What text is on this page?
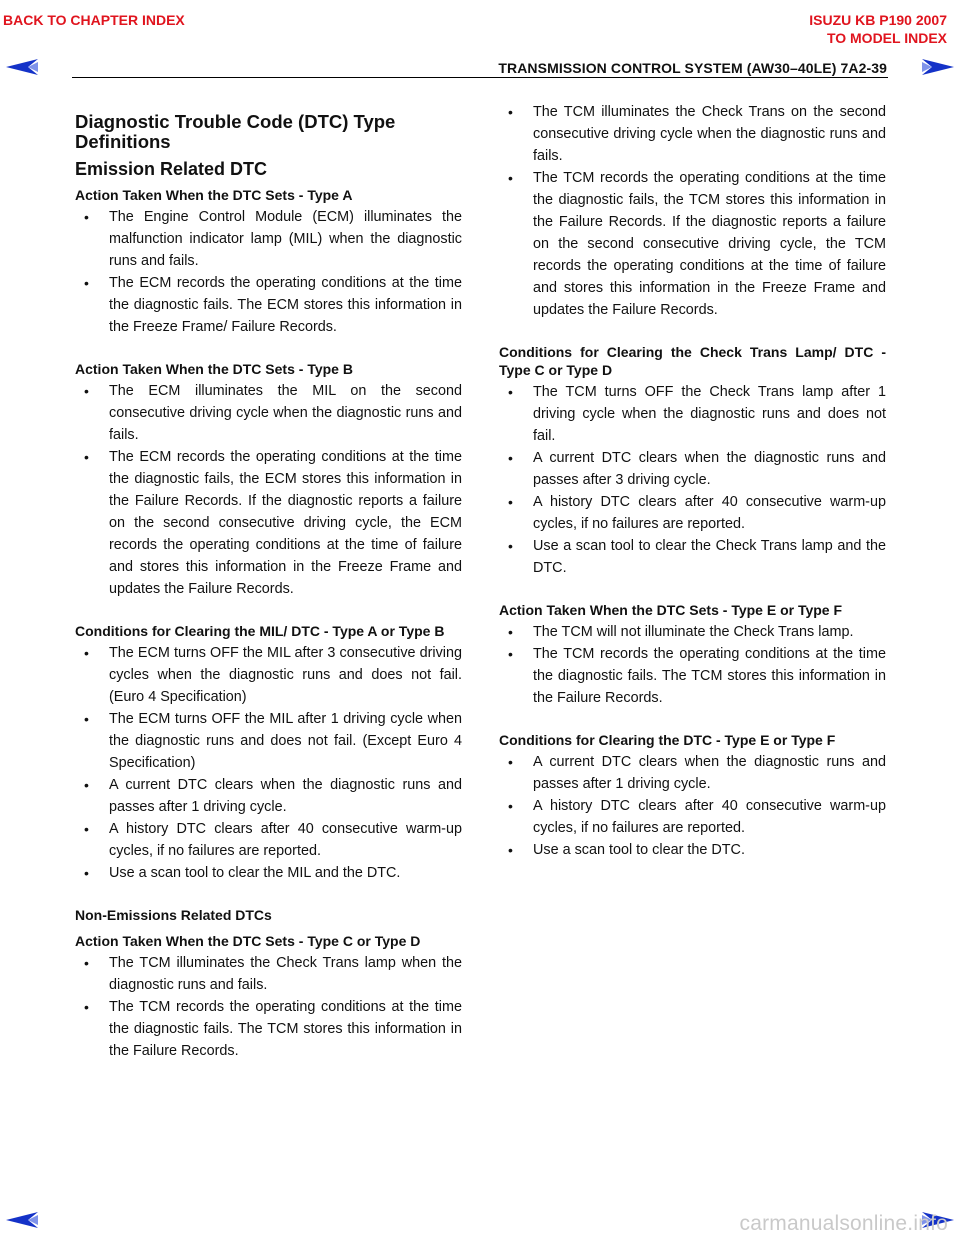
BACK TO CHAPTER INDEX	ISUZU KB P190 2007
TO MODEL INDEX
TRANSMISSION CONTROL SYSTEM (AW30–40LE) 7A2-39
Diagnostic Trouble Code (DTC) Type Definitions
Emission Related DTC

Action Taken When the DTC Sets - Type A

• The Engine Control Module (ECM) illuminates the malfunction indicator lamp (MIL) when the diagnostic runs and fails.
• The ECM records the operating conditions at the time the diagnostic fails. The ECM stores this information in the Freeze Frame/ Failure Records.

Action Taken When the DTC Sets - Type B

• The ECM illuminates the MIL on the second consecutive driving cycle when the diagnostic runs and fails.
• The ECM records the operating conditions at the time the diagnostic fails, the ECM stores this information in the Failure Records. If the diagnostic reports a failure on the second consecutive driving cycle, the ECM records the operating conditions at the time of failure and stores this information in the Freeze Frame and updates the Failure Records.

Conditions for Clearing the MIL/ DTC - Type A or Type B

• The ECM turns OFF the MIL after 3 consecutive driving cycles when the diagnostic runs and does not fail. (Euro 4 Specification)
• The ECM turns OFF the MIL after 1 driving cycle when the diagnostic runs and does not fail. (Except Euro 4 Specification)
• A current DTC clears when the diagnostic runs and passes after 1 driving cycle.
• A history DTC clears after 40 consecutive warm-up cycles, if no failures are reported.
• Use a scan tool to clear the MIL and the DTC.

Non-Emissions Related DTCs

Action Taken When the DTC Sets - Type C or Type D

• The TCM illuminates the Check Trans lamp when the diagnostic runs and fails.
• The TCM records the operating conditions at the time the diagnostic fails. The TCM stores this information in the Failure Records.
• The TCM illuminates the Check Trans on the second consecutive driving cycle when the diagnostic runs and fails.
• The TCM records the operating conditions at the time the diagnostic fails, the TCM stores this information in the Failure Records. If the diagnostic reports a failure on the second consecutive driving cycle, the TCM records the operating conditions at the time of failure and stores this information in the Freeze Frame and updates the Failure Records.

Conditions for Clearing the Check Trans Lamp/ DTC - Type C or Type D

• The TCM turns OFF the Check Trans lamp after 1 driving cycle when the diagnostic runs and does not fail.
• A current DTC clears when the diagnostic runs and passes after 3 driving cycle.
• A history DTC clears after 40 consecutive warm-up cycles, if no failures are reported.
• Use a scan tool to clear the Check Trans lamp and the DTC.

Action Taken When the DTC Sets - Type E or Type F

• The TCM will not illuminate the Check Trans lamp.
• The TCM records the operating conditions at the time the diagnostic fails. The TCM stores this information in the Failure Records.

Conditions for Clearing the DTC - Type E or Type F

• A current DTC clears when the diagnostic runs and passes after 1 driving cycle.
• A history DTC clears after 40 consecutive warm-up cycles, if no failures are reported.
• Use a scan tool to clear the DTC.
carmanualsonline.info
